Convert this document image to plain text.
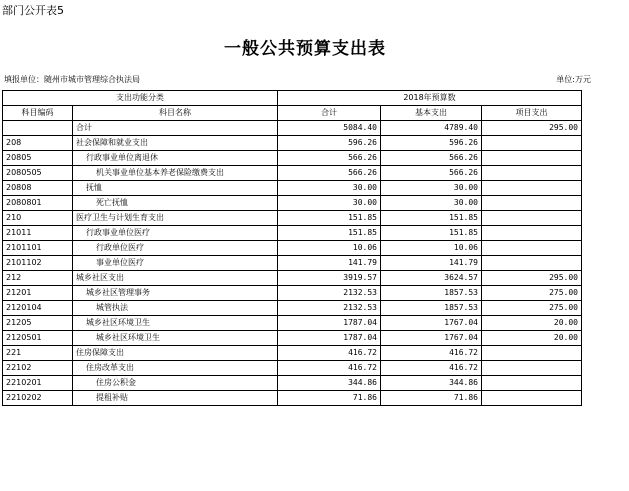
部门公开表5
一般公共预算支出表
填报单位：随州市城市管理综合执法局	单位:万元
支出功能分类		2018年预算数		
科目编码	科目名称	合计	基本支出	项目支出
	合计	5084.40	4789.40	295.00
208	社会保障和就业支出	596.26	596.26	
20805	行政事业单位离退休	566.26	566.26	
2080505	机关事业单位基本养老保险缴费支出	566.26	566.26	
20808	抚恤	30.00	30.00	
2080801	死亡抚恤	30.00	30.00	
210	医疗卫生与计划生育支出	151.85	151.85	
21011	行政事业单位医疗	151.85	151.85	
2101101	行政单位医疗	10.06	10.06	
2101102	事业单位医疗	141.79	141.79	
212	城乡社区支出	3919.57	3624.57	295.00
21201	城乡社区管理事务	2132.53	1857.53	275.00
2120104	城管执法	2132.53	1857.53	275.00
21205	城乡社区环境卫生	1787.04	1767.04	20.00
2120501	城乡社区环境卫生	1787.04	1767.04	20.00
221	住房保障支出	416.72	416.72	
22102	住房改革支出	416.72	416.72	
2210201	住房公积金	344.86	344.86	
2210202	提租补贴	71.86	71.86	
